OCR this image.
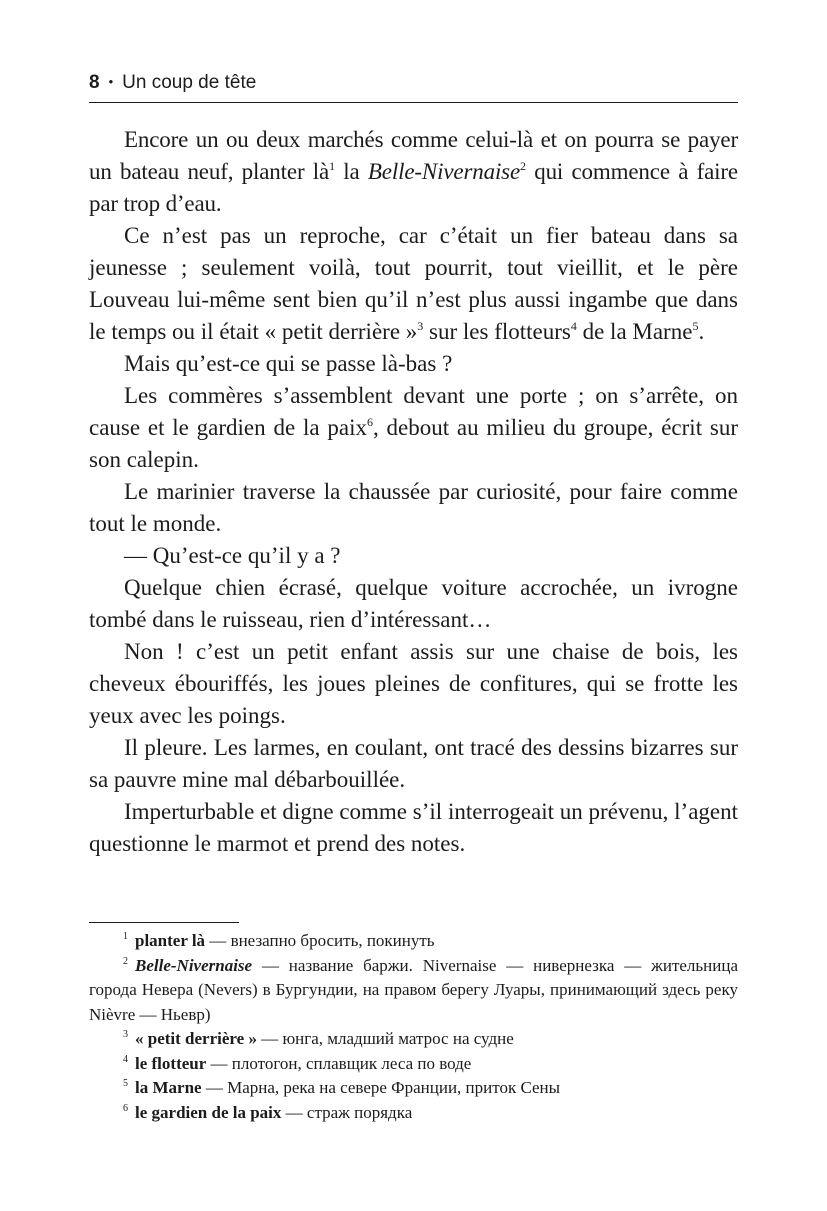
8 • Un coup de tête

Encore un ou deux marchés comme celui-là et on pourra se payer un bateau neuf, planter $là^1$ la Belle-Nivernaise$^2$ qui commence à faire par trop d’eau.

Ce n’est pas un reproche, car c’était un fier bateau dans sa jeunesse ; seulement voilà, tout pourrit, tout vieillit, et le père Louveau lui-même sent bien qu’il n’est plus aussi ingambe que dans le temps ou il était « petit derrière »$^3$ sur les flotteurs$^4$ de la Marne$^5$.

Mais qu’est-ce qui se passe là-bas ?

Les commères s’assemblent devant une porte ; on s’arrête, on cause et le gardien de la paix$^6$, debout au milieu du groupe, écrit sur son calepin.

Le marinier traverse la chaussée par curiosité, pour faire comme tout le monde.

— Qu’est-ce qu’il y a ?

Quelque chien écrasé, quelque voiture accrochée, un ivrogne tombé dans le ruisseau, rien d’intéressant…

Non ! c’est un petit enfant assis sur une chaise de bois, les cheveux ébouriffés, les joues pleines de confitures, qui se frotte les yeux avec les poings.

Il pleure. Les larmes, en coulant, ont tracé des dessins bizarres sur sa pauvre mine mal débarbouillée.

Imperturbable et digne comme s’il interrogeait un prévenu, l’agent questionne le marmot et prend des notes.

$^1$ planter là — внезапно бросить, покинуть

$^2$ Belle-Nivernaise — название баржи. Nivernaise — нивернезка — жительница города Невера (Nevers) в Бургундии, на правом берегу Луары, принимающий здесь реку Nièvre — Ньевр)

$^3$ « petit derrière » — юнга, младший матрос на судне

$^4$ le flotteur — плотогон, сплавщик леса по воде

$^5$ la Marne — Марна, река на севере Франции, приток Сены

$^6$ le gardien de la paix — страж порядка
